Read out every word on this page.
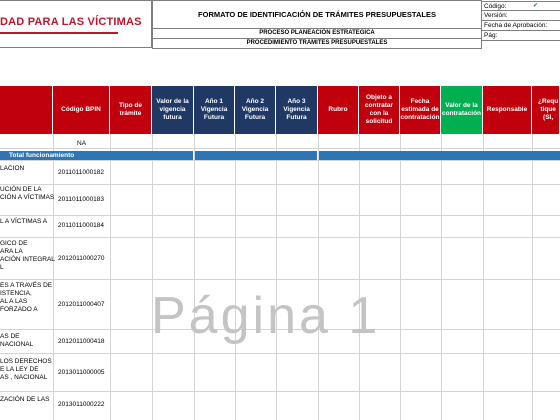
DAD PARA LAS VÍCTIMAS
FORMATO DE IDENTIFICACIÓN DE TRÁMITES PRESUPUESTALES
PROCESO PLANEACIÓN ESTRATEGICA
PROCEDIMIENTO TRAMITES PRESUPUESTALES
Código:	✔
Versión:
Fecha de Aprobación:
Pág:
Código BPIN
Tipo de trámite
Valor de la vigencia futura
Año 1 Vigencia Futura
Año 2 Vigencia Futura
Año 3 Vigencia Futura
Rubro
Objeto a contratar con la solicitud
Fecha estimada de contratación
Valor de la contratación
Responsable
¿Requ tique (SI,
NA
Total funcionamiento
LACION
2011011000182
UCIÓN DE LA
CIÓN A VÍCTIMAS 2011011000183
L A VÍCTIMAS A
2011011000184
GICO DE
ARA LA
ACIÓN INTEGRAL
L
2012011000270
ES A TRAVÉS DE
ISTENCIA,
AL A LAS
FORZADO A
2012011000407
AS DE
NACIONAL	2012011000418
LOS DERECHOS
E LA LEY DE
AS , NACIONAL
2013011000005
ZACIÓN DE LAS
2013011000222
Página 1
